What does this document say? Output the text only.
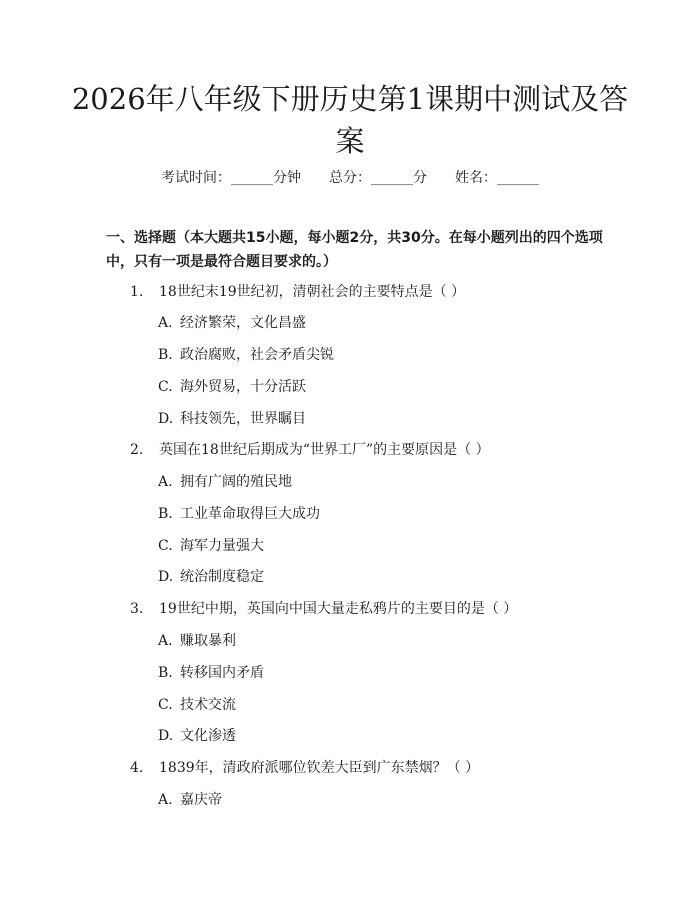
2026年八年级下册历史第1课期中测试及答案
考试时间：______分钟 总分：______分 姓名：______
一、选择题（本大题共15小题，每小题2分，共30分。在每小题列出的四个选项中，只有一项是最符合题目要求的。）
1. 18世纪末19世纪初，清朝社会的主要特点是（ ）
A. 经济繁荣，文化昌盛
B. 政治腐败，社会矛盾尖锐
C. 海外贸易，十分活跃
D. 科技领先，世界瞩目
2. 英国在18世纪后期成为“世界工厂”的主要原因是（ ）
A. 拥有广阔的殖民地
B. 工业革命取得巨大成功
C. 海军力量强大
D. 统治制度稳定
3. 19世纪中期，英国向中国大量走私鸦片的主要目的是（ ）
A. 赚取暴利
B. 转移国内矛盾
C. 技术交流
D. 文化渗透
4. 1839年，清政府派哪位钦差大臣到广东禁烟？（ ）
A. 嘉庆帝
